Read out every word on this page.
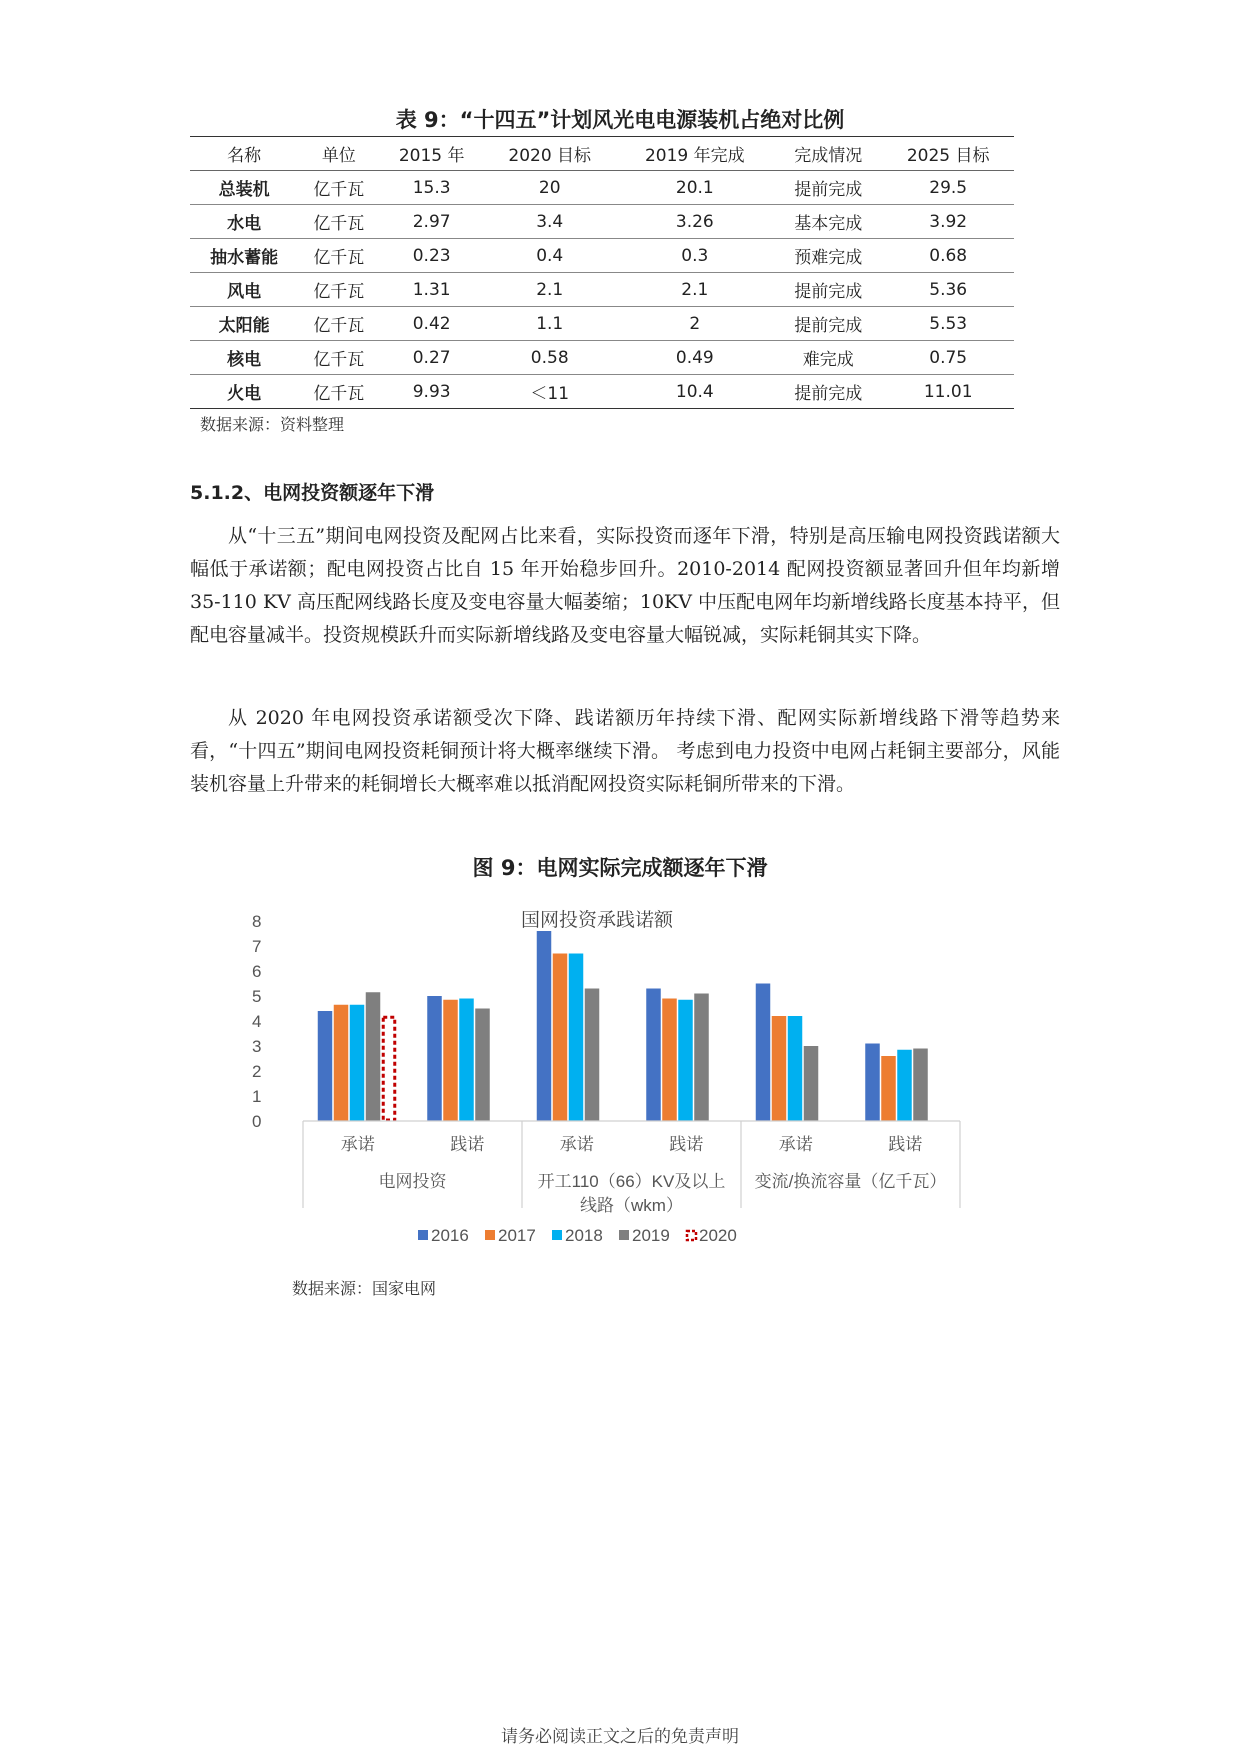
表 9：“十四五”计划风光电电源装机占绝对比例
名称	单位	2015 年	2020 目标	2019 年完成	完成情况	2025 目标
总装机	亿千瓦	15.3	20	20.1	提前完成	29.5
水电	亿千瓦	2.97	3.4	3.26	基本完成	3.92
抽水蓄能	亿千瓦	0.23	0.4	0.3	预难完成	0.68
风电	亿千瓦	1.31	2.1	2.1	提前完成	5.36
太阳能	亿千瓦	0.42	1.1	2	提前完成	5.53
核电	亿千瓦	0.27	0.58	0.49	难完成	0.75
火电	亿千瓦	9.93	＜11	10.4	提前完成	11.01
数据来源：资料整理
5.1.2、电网投资额逐年下滑

从“十三五”期间电网投资及配网占比来看，实际投资而逐年下滑，特别是高压输电网投资践诺额大幅低于承诺额；配电网投资占比自 15 年开始稳步回升。2010-2014 配网投资额显著回升但年均新增 35-110 KV 高压配网线路长度及变电容量大幅萎缩；10KV 中压配电网年均新增线路长度基本持平，但配电容量减半。投资规模跃升而实际新增线路及变电容量大幅锐减，实际耗铜其实下降。

从 2020 年电网投资承诺额受次下降、践诺额历年持续下滑、配网实际新增线路下滑等趋势来看，“十四五”期间电网投资耗铜预计将大概率继续下滑。 考虑到电力投资中电网占耗铜主要部分，风能装机容量上升带来的耗铜增长大概率难以抵消配网投资实际耗铜所带来的下滑。

图 9：电网实际完成额逐年下滑
国网投资承践诺额
0
1
2
3
4
5
6
7
8
承诺	践诺	承诺	践诺	承诺	践诺
电网投资	开工110（66）KV及以上
线路（wkm）
变流/换流容量（亿千瓦）
2016 2017 2018 2019 2020
数据来源：国家电网
请务必阅读正文之后的免责声明
